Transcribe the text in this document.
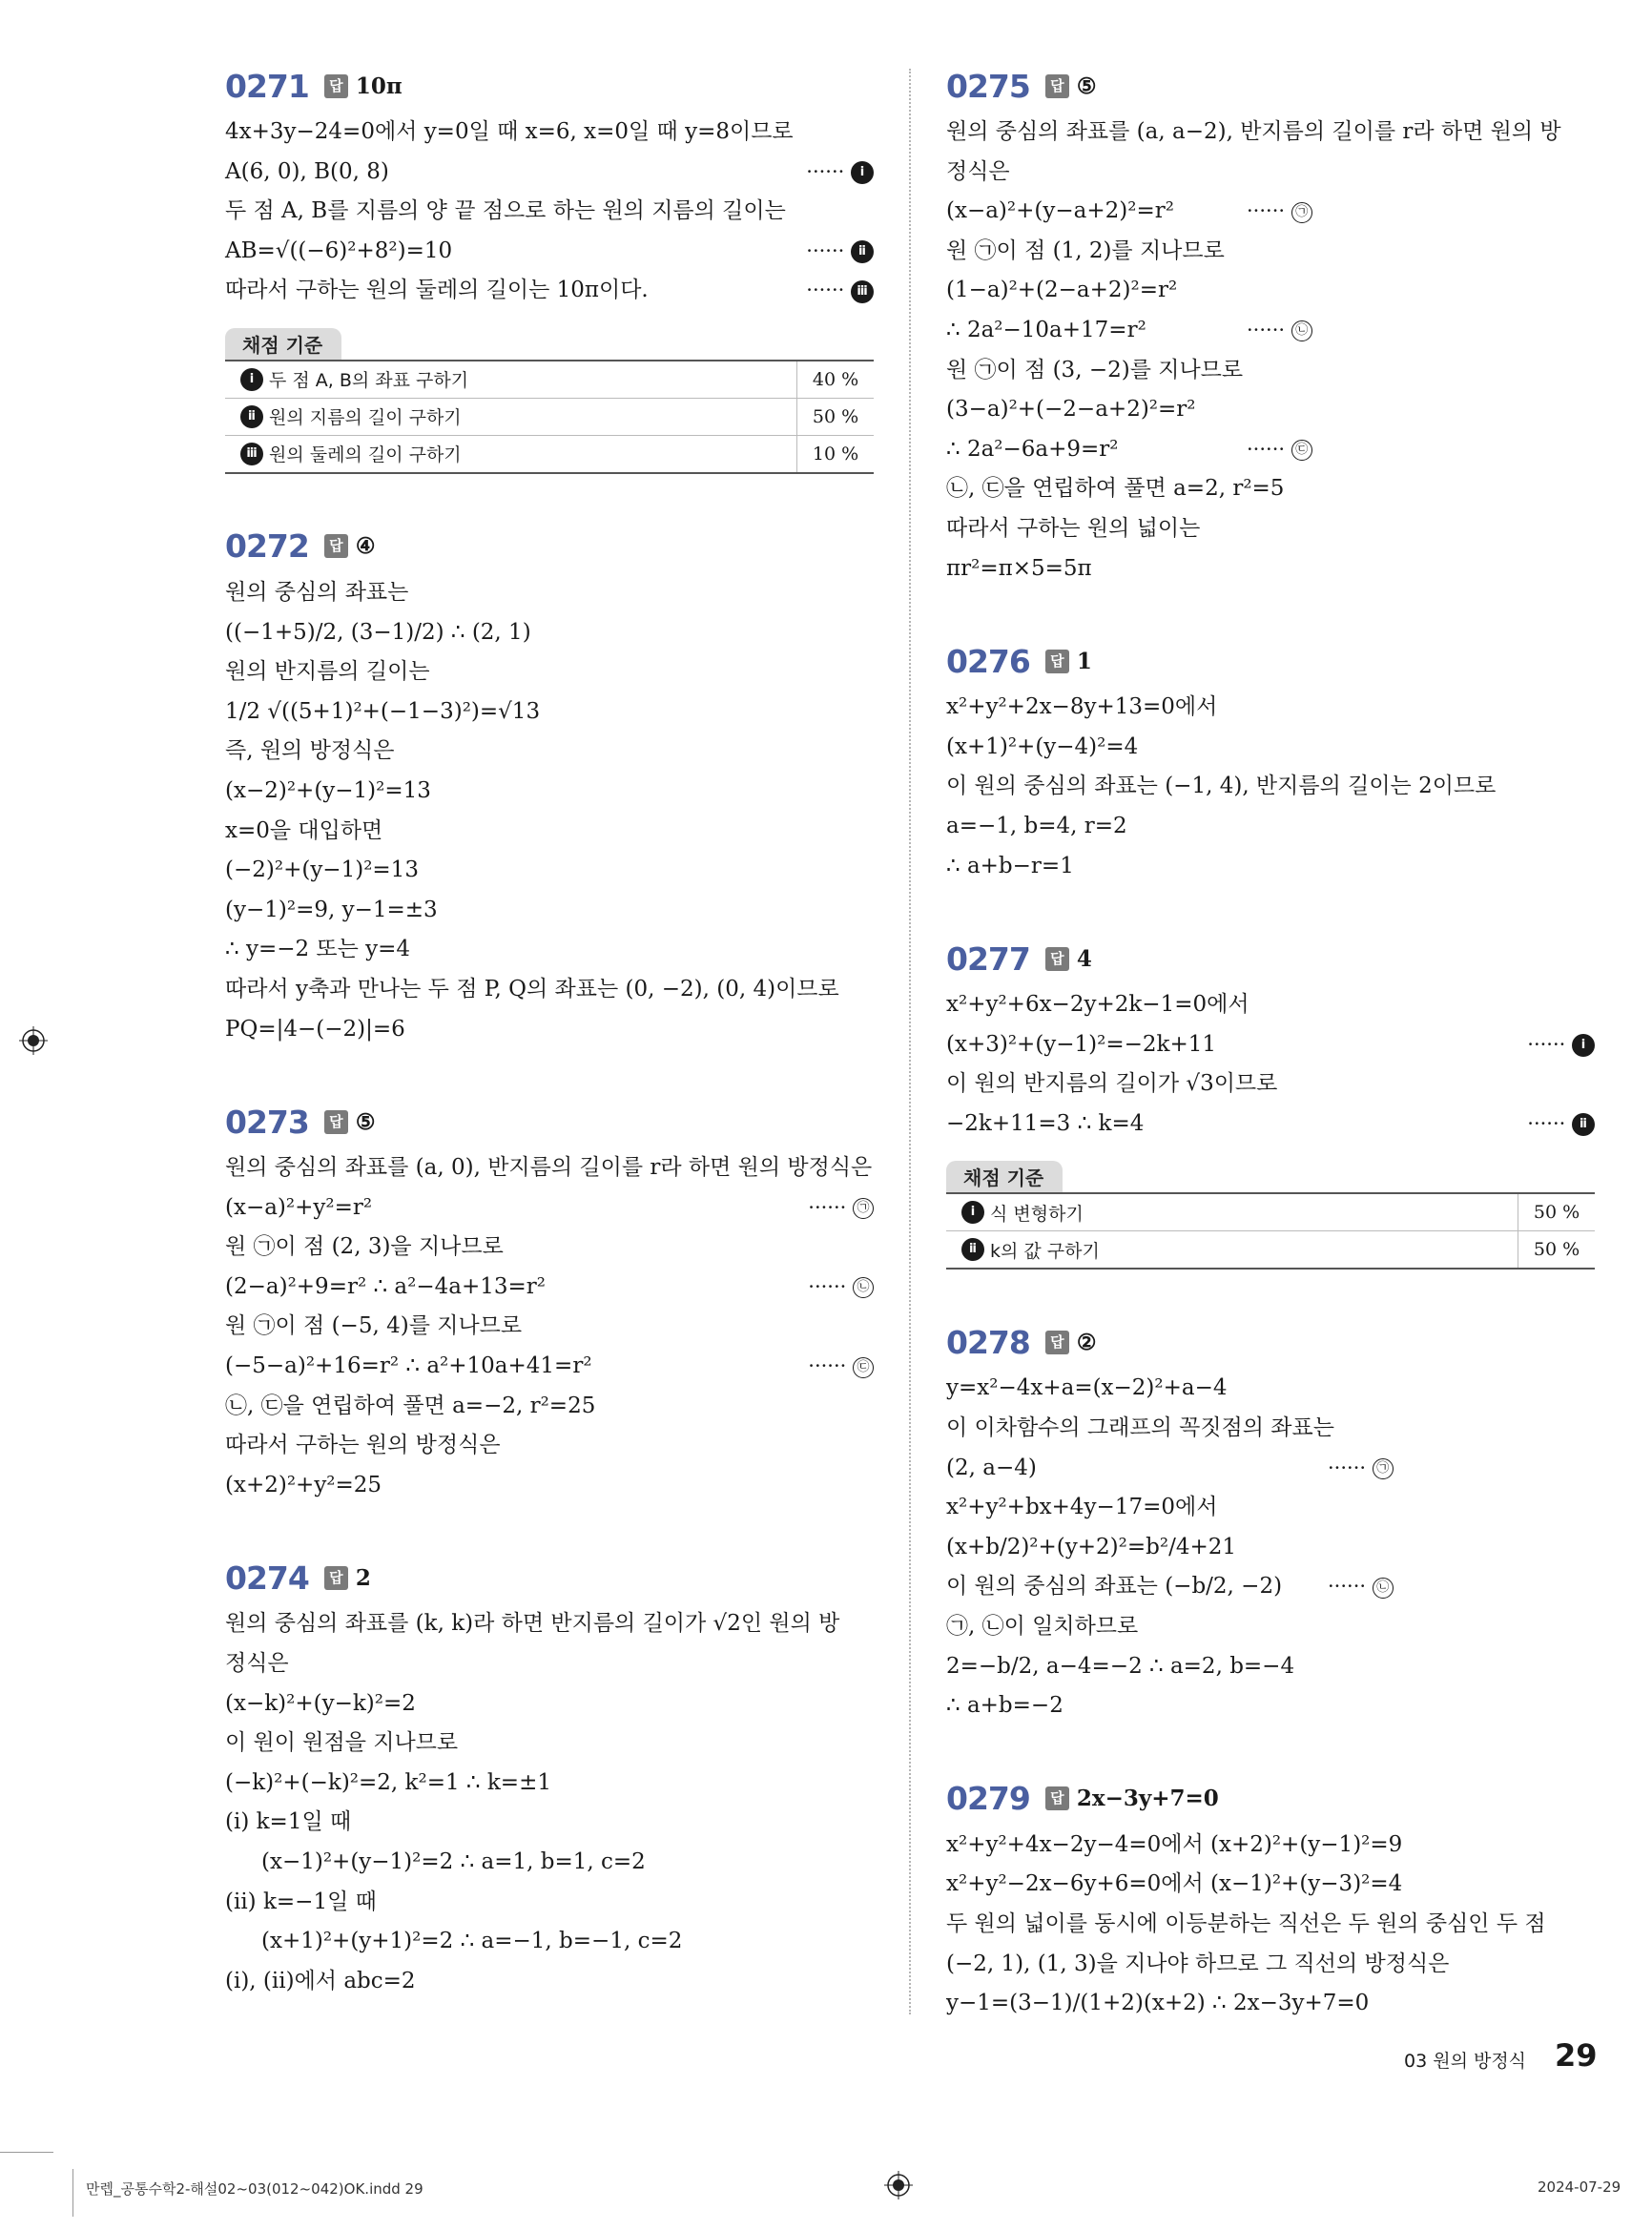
0271	답 10π
4x+3y−24=0에서 y=0일 때 x=6, x=0일 때 y=8이므로
A(6, 0), B(0, 8)	······ ⅰ
두 점 A, B를 지름의 양 끝 점으로 하는 원의 지름의 길이는
AB=√((−6)²+8²)=10	······ ⅱ
따라서 구하는 원의 둘레의 길이는 10π이다.	······ ⅲ
채점 기준
ⅰ 두 점 A, B의 좌표 구하기	40 %
ⅱ 원의 지름의 길이 구하기	50 %
ⅲ 원의 둘레의 길이 구하기	10 %
0272	답 ④
원의 중심의 좌표는
((−1+5)/2, (3−1)/2) ∴ (2, 1)
원의 반지름의 길이는
1/2 √((5+1)²+(−1−3)²)=√13
즉, 원의 방정식은
(x−2)²+(y−1)²=13
x=0을 대입하면
(−2)²+(y−1)²=13
(y−1)²=9, y−1=±3
∴ y=−2 또는 y=4
따라서 y축과 만나는 두 점 P, Q의 좌표는 (0, −2), (0, 4)이므로
PQ=|4−(−2)|=6
0273	답 ⑤
원의 중심의 좌표를 (a, 0), 반지름의 길이를 r라 하면 원의 방정식은
(x−a)²+y²=r²	······ ㉠
원 ㉠이 점 (2, 3)을 지나므로
(2−a)²+9=r² ∴ a²−4a+13=r²	······ ㉡
원 ㉠이 점 (−5, 4)를 지나므로
(−5−a)²+16=r² ∴ a²+10a+41=r²	······ ㉢
㉡, ㉢을 연립하여 풀면 a=−2, r²=25
따라서 구하는 원의 방정식은
(x+2)²+y²=25
0274	답 2
원의 중심의 좌표를 (k, k)라 하면 반지름의 길이가 √2인 원의 방
정식은
(x−k)²+(y−k)²=2
이 원이 원점을 지나므로
(−k)²+(−k)²=2, k²=1 ∴ k=±1
(ⅰ) k=1일 때
(x−1)²+(y−1)²=2 ∴ a=1, b=1, c=2
(ⅱ) k=−1일 때
(x+1)²+(y+1)²=2 ∴ a=−1, b=−1, c=2
(ⅰ), (ⅱ)에서 abc=2
0275	답 ⑤
원의 중심의 좌표를 (a, a−2), 반지름의 길이를 r라 하면 원의 방
정식은
(x−a)²+(y−a+2)²=r²	······ ㉠
원 ㉠이 점 (1, 2)를 지나므로
(1−a)²+(2−a+2)²=r²
∴ 2a²−10a+17=r²	······ ㉡
원 ㉠이 점 (3, −2)를 지나므로
(3−a)²+(−2−a+2)²=r²
∴ 2a²−6a+9=r²	······ ㉢
㉡, ㉢을 연립하여 풀면 a=2, r²=5
따라서 구하는 원의 넓이는
πr²=π×5=5π
0276	답 1
x²+y²+2x−8y+13=0에서
(x+1)²+(y−4)²=4
이 원의 중심의 좌표는 (−1, 4), 반지름의 길이는 2이므로
a=−1, b=4, r=2
∴ a+b−r=1
0277	답 4
x²+y²+6x−2y+2k−1=0에서
(x+3)²+(y−1)²=−2k+11	······ ⅰ
이 원의 반지름의 길이가 √3이므로
−2k+11=3 ∴ k=4	······ ⅱ
채점 기준
ⅰ 식 변형하기	50 %
ⅱ k의 값 구하기	50 %
0278	답 ②
y=x²−4x+a=(x−2)²+a−4
이 이차함수의 그래프의 꼭짓점의 좌표는
(2, a−4)	······ ㉠
x²+y²+bx+4y−17=0에서
(x+b/2)²+(y+2)²=b²/4+21
이 원의 중심의 좌표는 (−b/2, −2) ······ ㉡
㉠, ㉡이 일치하므로
2=−b/2, a−4=−2 ∴ a=2, b=−4
∴ a+b=−2
0279	답 2x−3y+7=0
x²+y²+4x−2y−4=0에서 (x+2)²+(y−1)²=9
x²+y²−2x−6y+6=0에서 (x−1)²+(y−3)²=4
두 원의 넓이를 동시에 이등분하는 직선은 두 원의 중심인 두 점
(−2, 1), (1, 3)을 지나야 하므로 그 직선의 방정식은
y−1=(3−1)/(1+2)(x+2) ∴ 2x−3y+7=0
03 원의 방정식 29
만렙_공통수학2-해설02~03(012~042)OK.indd 29	2024-07-29
